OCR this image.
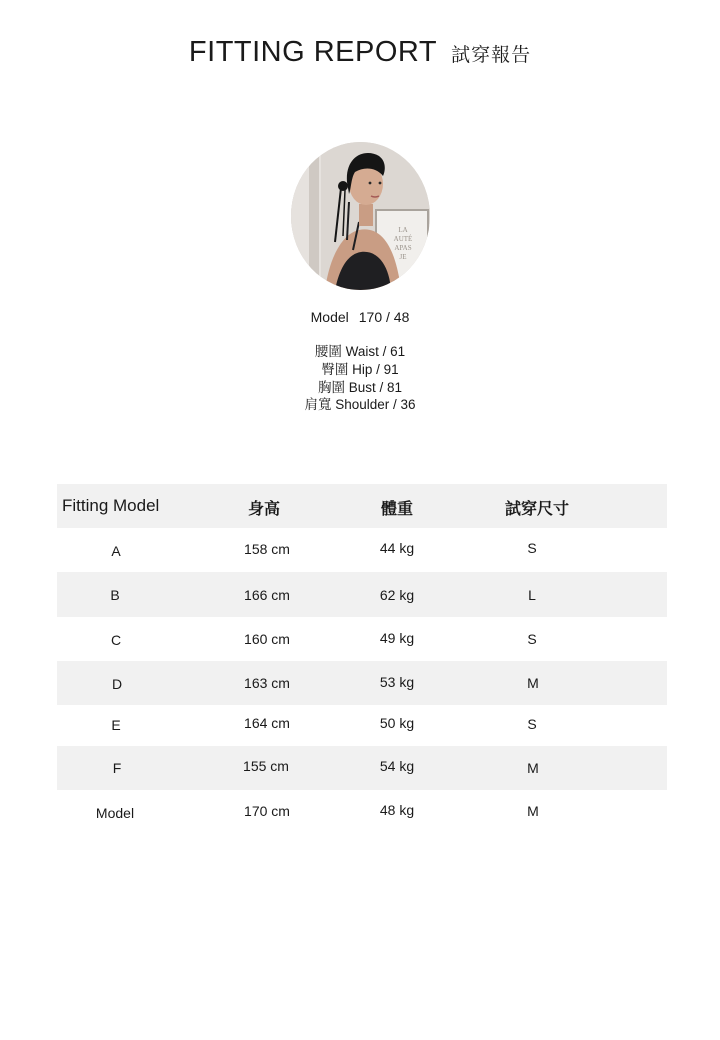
FITTING REPORT 試穿報告
LA
AUTÉ
APAS
JE
Model 170 / 48
腰圍 Waist / 61
臀圍 Hip / 91
胸圍 Bust / 81
肩寬 Shoulder / 36
Fitting Model	身高	體重	試穿尺寸
A	158 cm	44 kg	S
B	166 cm	62 kg	L
C	160 cm	49 kg	S
D	163 cm	53 kg	M
E	164 cm	50 kg	S
F	155 cm	54 kg	M
Model	170 cm	48 kg	M
